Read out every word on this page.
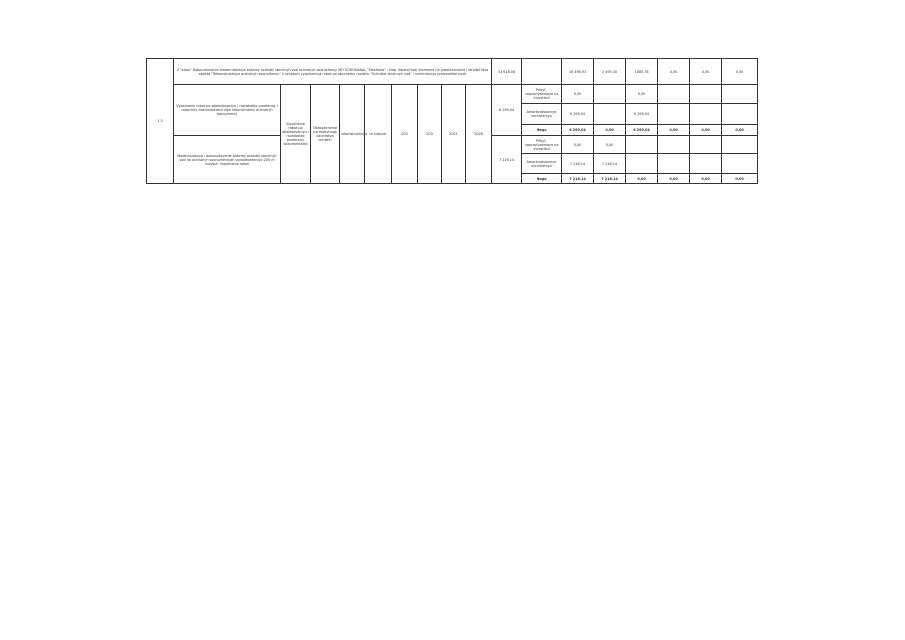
1.3	Z "zadu" Doborudovanie modernizatsiya sistemy ochistki stochnyh vod ochistnyh sooruzheniy MO VODOKANAL "Mekhovo" - Dop. Kapital'noe vlozhenie na proektirovanie i stroitel'stvo obekta "Rekonstruktsiya ochistnyh sooruzheniy" s uchetom vypolneniya rabot po obschemu razdelu "Ochistka stochnyh vod" i uvelicheniyu proizvoditel'nosti									33 616,08		16 496,93	2 495,30	1085,76	0,00	0,00	0,00
	Vypolnenie rabot po obsledovaniyu i razrabotke proektnoy i rabochey dokumentatsii dlya rekonstruktsii ochistnyh sooruzheniy	Vypolnenie rabot po obsledovaniyu i razrabotke proektnoy dokumentatsii	Obespechenie normativnogo kachestva ochistki	rekonstruktsiya	m kub/sut	200	200	2021	2028	6 299,04	Pribyl', napravlyaemaya na investitsii	0,00		0,00			
											Amortizatsionnye otchisleniya	6 299,04		6 299,04			
											Itogo	6 299,04	0,00	6 299,04	0,00	0,00	0,00
	Modernizatsiya i doborudovanie sistemy ochistki stochnyh vod na ochistnyh sooruzheniyah vodootvedeniya 200 m kub/sut. Vypolnenie rabot									7 216,14	Pribyl', napravlyaemaya na investitsii	0,00	0,00				
											Amortizatsionnye otchisleniya	7 216,14	7 216,14				
											Itogo	7 216,14	7 216,14	0,00	0,00	0,00	0,00
